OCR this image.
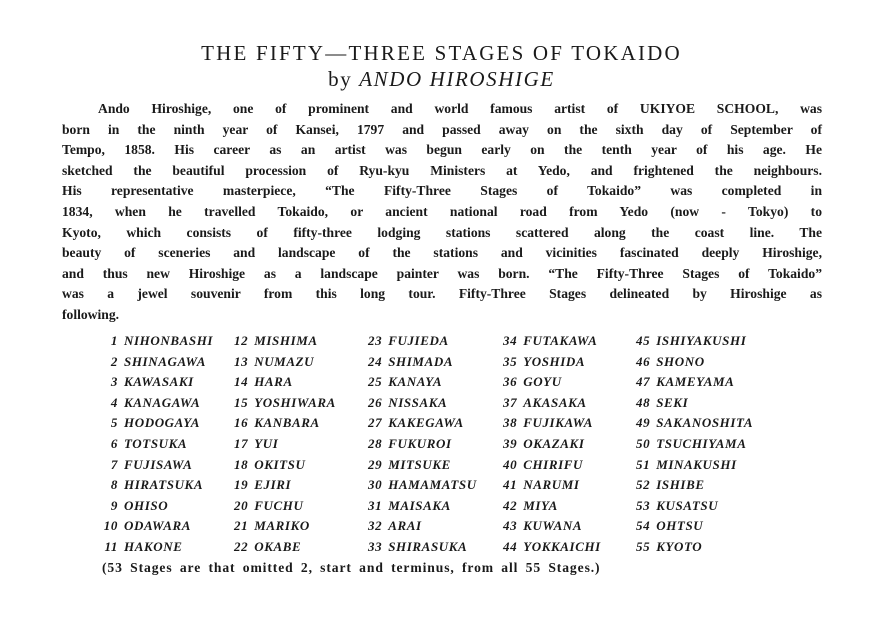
THE FIFTY—THREE STAGES OF TOKAIDO
by ANDO HIROSHIGE
Ando Hiroshige, one of prominent and world famous artist of UKIYOE SCHOOL, was
born in the ninth year of Kansei, 1797 and passed away on the sixth day of September of
Tempo, 1858. His career as an artist was begun early on the tenth year of his age. He
sketched the beautiful procession of Ryu-kyu Ministers at Yedo, and frightened the neighbours.
His representative masterpiece, “The Fifty-Three Stages of Tokaido” was completed in
1834, when he travelled Tokaido, or ancient national road from Yedo (now - Tokyo) to
Kyoto, which consists of fifty-three lodging stations scattered along the coast line. The
beauty of sceneries and landscape of the stations and vicinities fascinated deeply Hiroshige,
and thus new Hiroshige as a landscape painter was born. “The Fifty-Three Stages of Tokaido”
was a jewel souvenir from this long tour. Fifty-Three Stages delineated by Hiroshige as
following.
1 NIHONBASHI
2 SHINAGAWA
3 KAWASAKI
4 KANAGAWA
5 HODOGAYA
6 TOTSUKA
7 FUJISAWA
8 HIRATSUKA
9 OHISO
10 ODAWARA
11 HAKONE
12 MISHIMA
13 NUMAZU
14 HARA
15 YOSHIWARA
16 KANBARA
17 YUI
18 OKITSU
19 EJIRI
20 FUCHU
21 MARIKO
22 OKABE
23 FUJIEDA
24 SHIMADA
25 KANAYA
26 NISSAKA
27 KAKEGAWA
28 FUKUROI
29 MITSUKE
30 HAMAMATSU
31 MAISAKA
32 ARAI
33 SHIRASUKA
34 FUTAKAWA
35 YOSHIDA
36 GOYU
37 AKASAKA
38 FUJIKAWA
39 OKAZAKI
40 CHIRIFU
41 NARUMI
42 MIYA
43 KUWANA
44 YOKKAICHI
45 ISHIYAKUSHI
46 SHONO
47 KAMEYAMA
48 SEKI
49 SAKANOSHITA
50 TSUCHIYAMA
51 MINAKUSHI
52 ISHIBE
53 KUSATSU
54 OHTSU
55 KYOTO
(53 Stages are that omitted 2, start and terminus, from all 55 Stages.)
